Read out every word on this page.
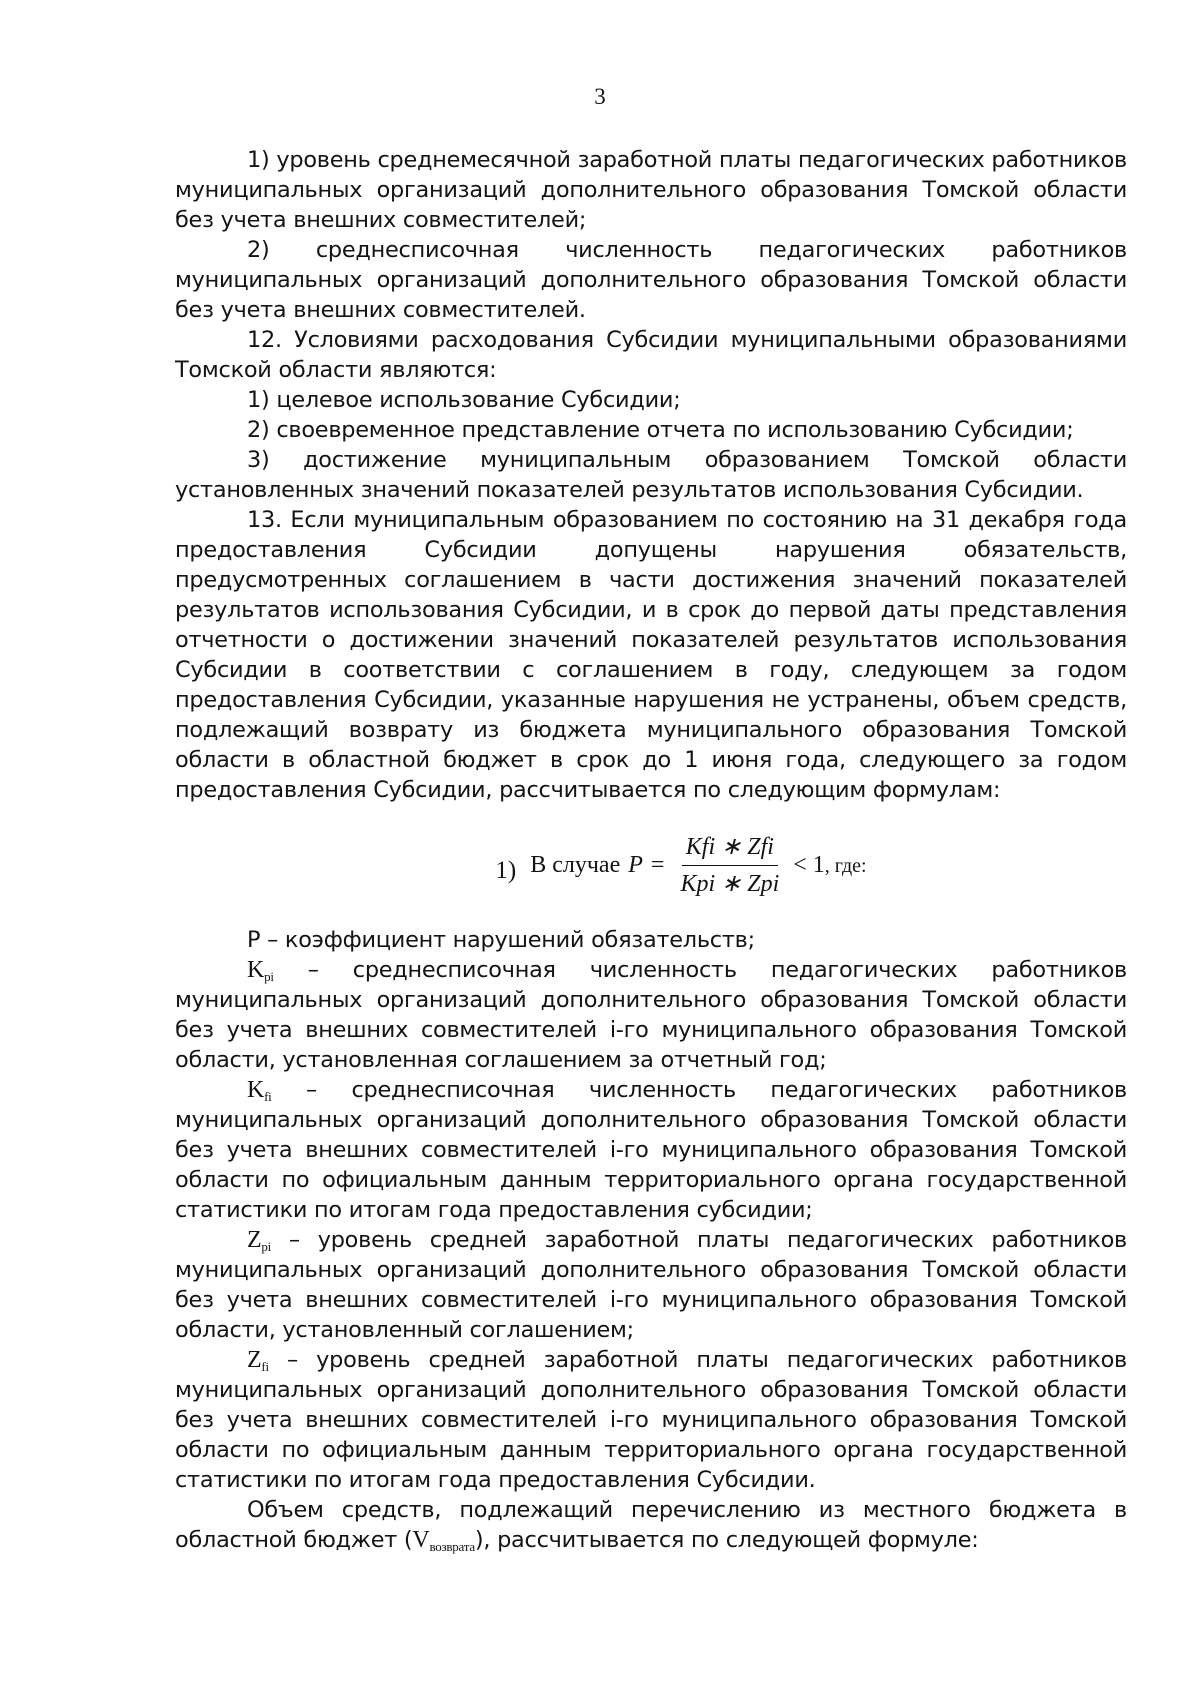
3

1) уровень среднемесячной заработной платы педагогических работников муниципальных организаций дополнительного образования Томской области без учета внешних совместителей;

2) среднесписочная численность педагогических работников муниципальных организаций дополнительного образования Томской области без учета внешних совместителей.

12. Условиями расходования Субсидии муниципальными образованиями Томской области являются:

1) целевое использование Субсидии;

2) своевременное представление отчета по использованию Субсидии;

3) достижение муниципальным образованием Томской области установленных значений показателей результатов использования Субсидии.

13. Если муниципальным образованием по состоянию на 31 декабря года предоставления Субсидии допущены нарушения обязательств, предусмотренных соглашением в части достижения значений показателей результатов использования Субсидии, и в срок до первой даты представления отчетности о достижении значений показателей результатов использования Субсидии в соответствии с соглашением в году, следующем за годом предоставления Субсидии, указанные нарушения не устранены, объем средств, подлежащий возврату из бюджета муниципального образования Томской области в областной бюджет в срок до 1 июня года, следующего за годом предоставления Субсидии, рассчитывается по следующим формулам:

1) В случае $P = \frac{\text{Kfi ∗ Zfi}}{\text{Kpi ∗ Zpi}} < 1$, где:

Р – коэффициент нарушений обязательств;

$K_{pi}$ – среднесписочная численность педагогических работников муниципальных организаций дополнительного образования Томской области без учета внешних совместителей i-го муниципального образования Томской области, установленная соглашением за отчетный год;

$K_{fi}$ – среднесписочная численность педагогических работников муниципальных организаций дополнительного образования Томской области без учета внешних совместителей i-го муниципального образования Томской области по официальным данным территориального органа государственной статистики по итогам года предоставления субсидии;

$Z_{pi}$ – уровень средней заработной платы педагогических работников муниципальных организаций дополнительного образования Томской области без учета внешних совместителей i-го муниципального образования Томской области, установленный соглашением;

$Z_{fi}$ – уровень средней заработной платы педагогических работников муниципальных организаций дополнительного образования Томской области без учета внешних совместителей i-го муниципального образования Томской области по официальным данным территориального органа государственной статистики по итогам года предоставления Субсидии.

Объем средств, подлежащий перечислению из местного бюджета в областной бюджет $(V_{возврата})$, рассчитывается по следующей формуле:
